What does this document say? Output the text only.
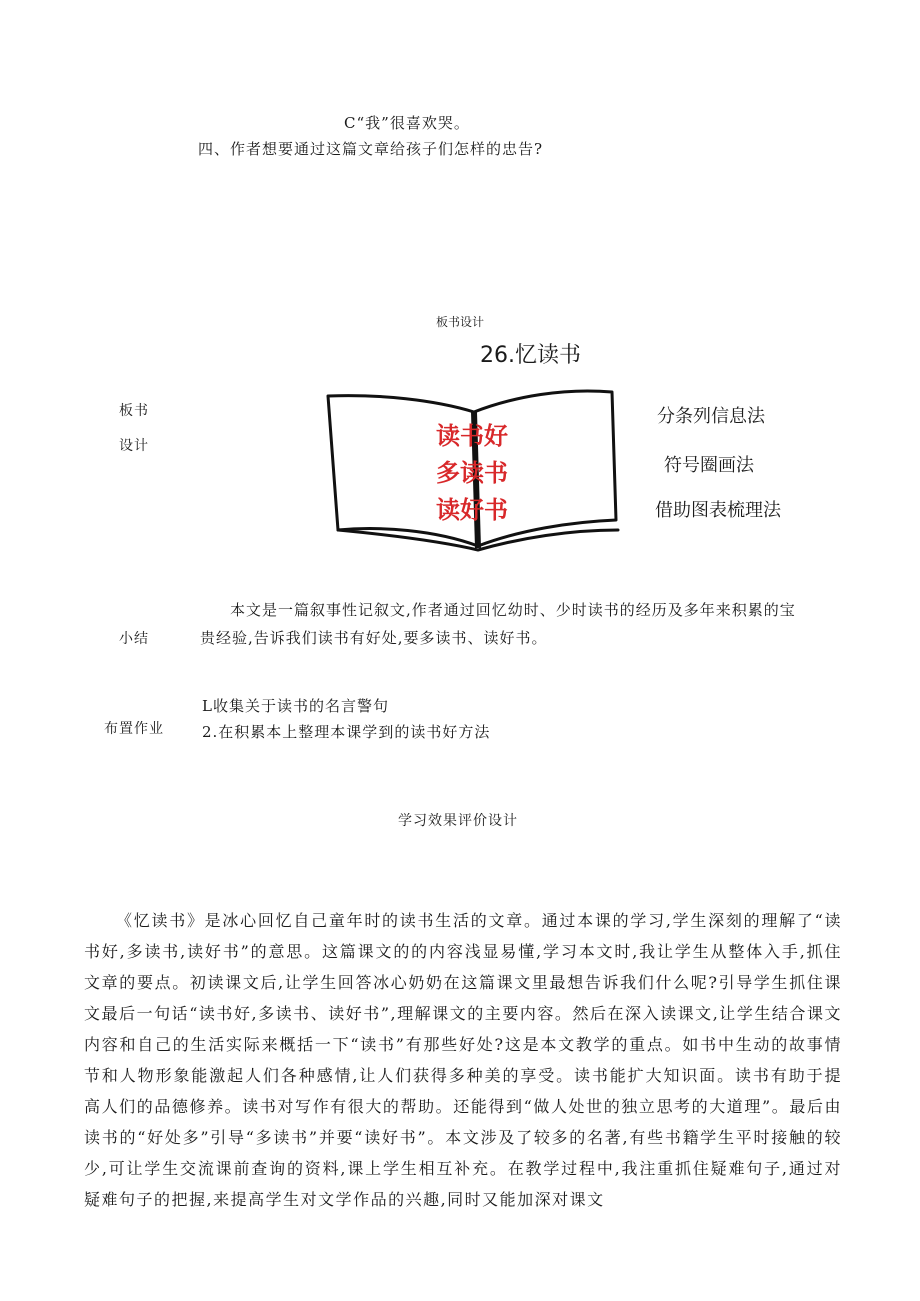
C“我”很喜欢哭。
四、作者想要通过这篇文章给孩子们怎样的忠告?
板书设计
26.忆读书
板书
设计	读书好
多读书
读好书
分条列信息法
符号圈画法
借助图表梳理法
小结
本文是一篇叙事性记叙文,作者通过回忆幼时、少时读书的经历及多年来积累的宝贵经验,告诉我们读书有好处,要多读书、读好书。
L收集关于读书的名言警句
布置作业	2.在积累本上整理本课学到的读书好方法
学习效果评价设计

《忆读书》是冰心回忆自己童年时的读书生活的文章。通过本课的学习,学生深刻的理解了“读书好,多读书,读好书”的意思。这篇课文的的内容浅显易懂,学习本文时,我让学生从整体入手,抓住文章的要点。初读课文后,让学生回答冰心奶奶在这篇课文里最想告诉我们什么呢?引导学生抓住课文最后一句话“读书好,多读书、读好书”,理解课文的主要内容。然后在深入读课文,让学生结合课文内容和自己的生活实际来概括一下“读书”有那些好处?这是本文教学的重点。如书中生动的故事情节和人物形象能激起人们各种感情,让人们获得多种美的享受。读书能扩大知识面。读书有助于提高人们的品德修养。读书对写作有很大的帮助。还能得到“做人处世的独立思考的大道理”。最后由读书的“好处多”引导“多读书”并要“读好书”。本文涉及了较多的名著,有些书籍学生平时接触的较少,可让学生交流课前查询的资料,课上学生相互补充。在教学过程中,我注重抓住疑难句子,通过对疑难句子的把握,来提高学生对文学作品的兴趣,同时又能加深对课文
